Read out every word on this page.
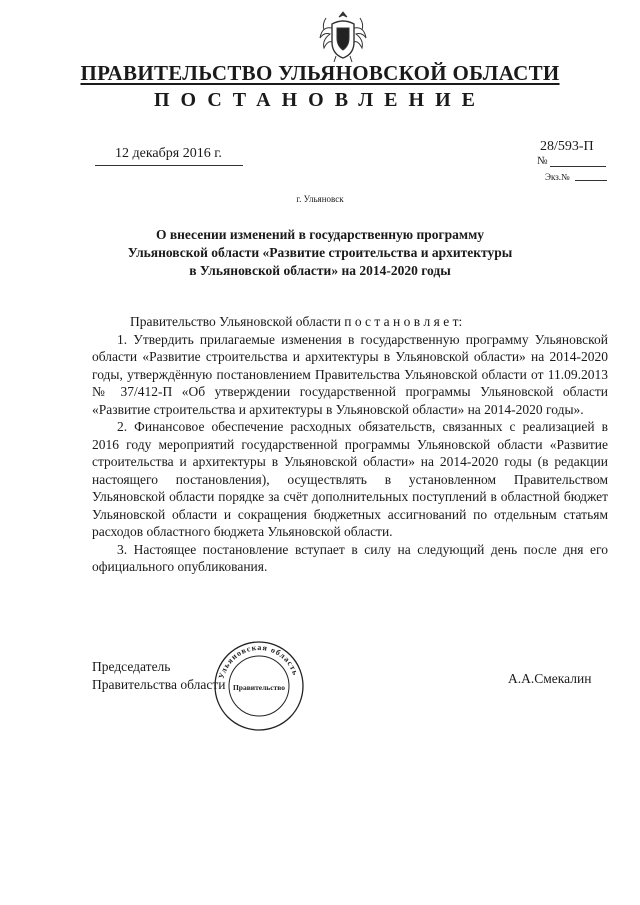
ПРАВИТЕЛЬСТВО УЛЬЯНОВСКОЙ ОБЛАСТИ
ПОСТАНОВЛЕНИЕ
12 декабря 2016 г.	28/593-П
№
Экз.№
г. Ульяновск
О внесении изменений в государственную программу
Ульяновской области «Развитие строительства и архитектуры
в Ульяновской области» на 2014-2020 годы

Правительство Ульяновской области п о с т а н о в л я е т:

1. Утвердить прилагаемые изменения в государственную программу Ульяновской области «Развитие строительства и архитектуры в Ульяновской области» на 2014-2020 годы, утверждённую постановлением Правительства Ульяновской области от 11.09.2013 № 37/412-П «Об утверждении государственной программы Ульяновской области «Развитие строительства и архитектуры в Ульяновской области» на 2014-2020 годы».

2. Финансовое обеспечение расходных обязательств, связанных с реализацией в 2016 году мероприятий государственной программы Ульяновской области «Развитие строительства и архитектуры в Ульяновской области» на 2014-2020 годы (в редакции настоящего постановления), осуществлять в установленном Правительством Ульяновской области порядке за счёт дополнительных поступлений в областной бюджет Ульяновской области и сокращения бюджетных ассигнований по отдельным статьям расходов областного бюджета Ульяновской области.

3. Настоящее постановление вступает в силу на следующий день после дня его официального опубликования.

Ульяновская область
Правительство
Председатель
Правительства области	А.А.Смекалин
